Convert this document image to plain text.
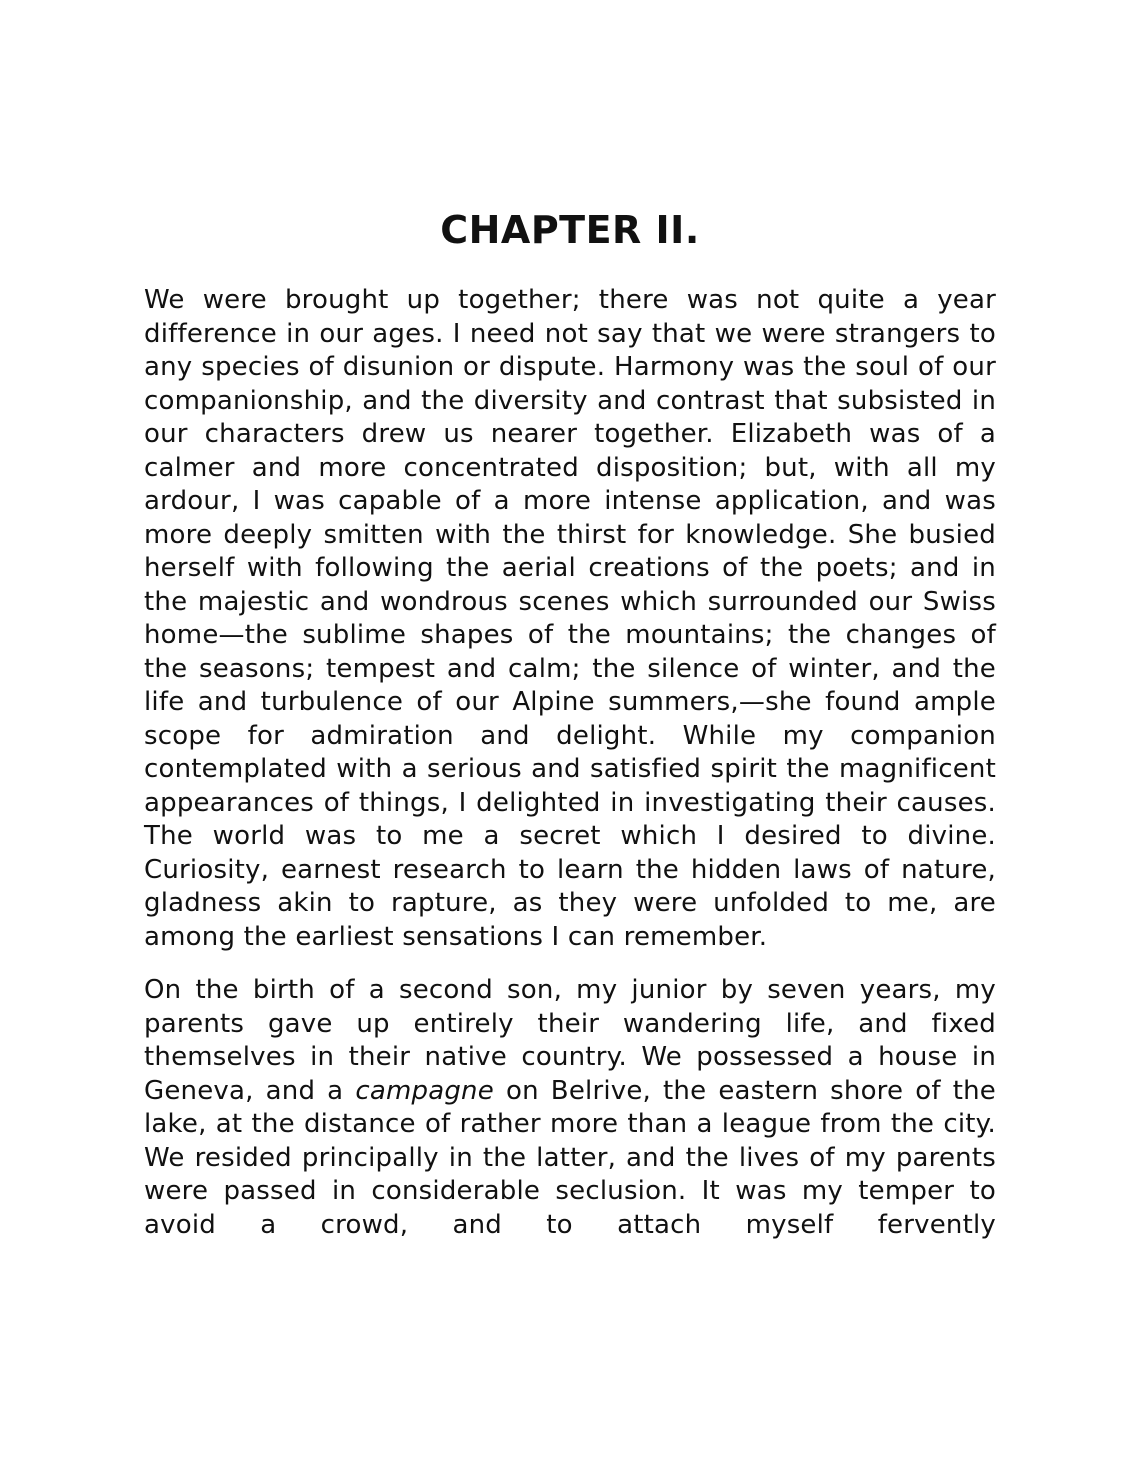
CHAPTER II.

We were brought up together; there was not quite a year difference in our ages. I need not say that we were strangers to any species of disunion or dispute. Harmony was the soul of our companionship, and the diversity and contrast that subsisted in our characters drew us nearer together. Elizabeth was of a calmer and more concentrated disposition; but, with all my ardour, I was capable of a more intense application, and was more deeply smitten with the thirst for knowledge. She busied herself with following the aerial creations of the poets; and in the majestic and wondrous scenes which surrounded our Swiss home—the sublime shapes of the mountains; the changes of the seasons; tempest and calm; the silence of winter, and the life and turbulence of our Alpine summers,—she found ample scope for admiration and delight. While my companion contemplated with a serious and satisfied spirit the magnificent appearances of things, I delighted in investigating their causes. The world was to me a secret which I desired to divine. Curiosity, earnest research to learn the hidden laws of nature, gladness akin to rapture, as they were unfolded to me, are among the earliest sensations I can remember.

On the birth of a second son, my junior by seven years, my parents gave up entirely their wandering life, and fixed themselves in their native country. We possessed a house in Geneva, and a campagne on Belrive, the eastern shore of the lake, at the distance of rather more than a league from the city. We resided principally in the latter, and the lives of my parents were passed in considerable seclusion. It was my temper to avoid a crowd, and to attach myself fervently
